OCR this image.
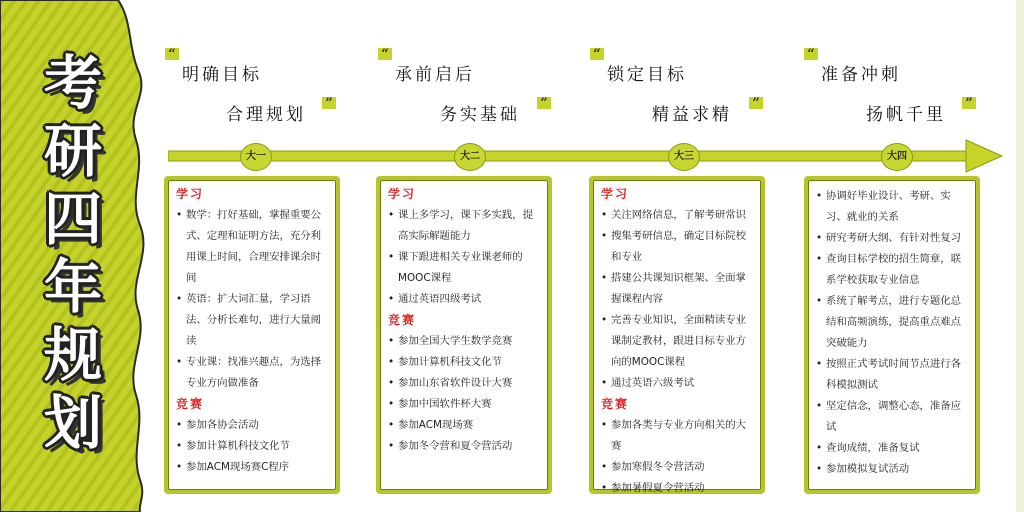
考
研
四
年
规
划
“
明确目标
合理规划
”
“
承前启后
务实基础
”
“
锁定目标
精益求精
”
“
准备冲刺
扬帆千里
”
大一	大二	大三	大四
学习
• 数学：打好基础，掌握重要公式、定理和证明方法，充分利用课上时间，合理安排课余时间
• 英语：扩大词汇量，学习语法、分析长难句，进行大量阅读
• 专业课：找准兴趣点，为选择专业方向做准备
竞赛
• 参加各协会活动
• 参加计算机科技文化节
• 参加ACM现场赛C程序
学习
• 课上多学习，课下多实践，提高实际解题能力
• 课下跟进相关专业课老师的MOOC课程
• 通过英语四级考试
竞赛
• 参加全国大学生数学竞赛
• 参加计算机科技文化节
• 参加山东省软件设计大赛
• 参加中国软件杯大赛
• 参加ACM现场赛
• 参加冬令营和夏令营活动
学习
• 关注网络信息，了解考研常识
• 搜集考研信息，确定目标院校和专业
• 搭建公共课知识框架、全面掌握课程内容
• 完善专业知识，全面精读专业课制定教材，跟进目标专业方向的MOOC课程
• 通过英语六级考试
竞赛
• 参加各类与专业方向相关的大赛
• 参加寒假冬令营活动
• 参加暑假夏令营活动
• 协调好毕业设计、考研、实习、就业的关系
• 研究考研大纲、有针对性复习
• 查询目标学校的招生简章，联系学校获取专业信息
• 系统了解考点，进行专题化总结和高频演练，提高重点难点突破能力
• 按照正式考试时间节点进行各科模拟测试
• 坚定信念，调整心态，准备应试
• 查询成绩，准备复试
• 参加模拟复试活动
